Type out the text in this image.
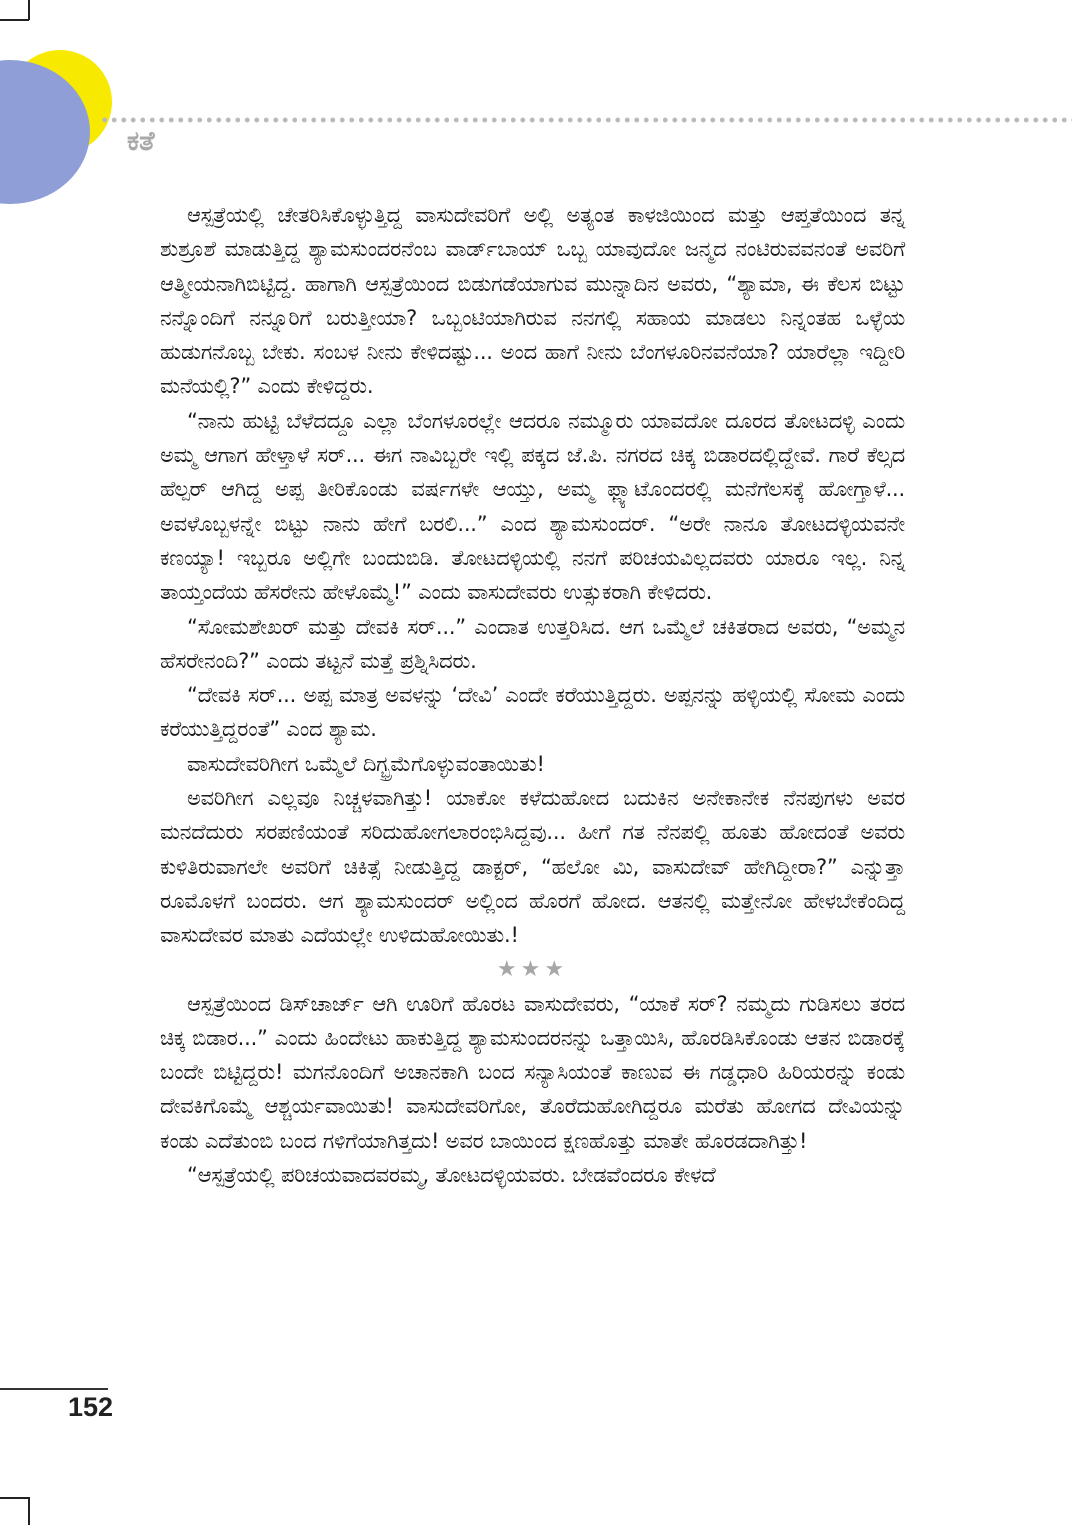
ಕತೆ

ಆಸ್ಪತ್ರೆಯಲ್ಲಿ ಚೇತರಿಸಿಕೊಳ್ಳುತ್ತಿದ್ದ ವಾಸುದೇವರಿಗೆ ಅಲ್ಲಿ ಅತ್ಯಂತ ಕಾಳಜಿಯಿಂದ ಮತ್ತು ಆಪ್ತತೆಯಿಂದ ತನ್ನ ಶುಶ್ರೂಶೆ ಮಾಡುತ್ತಿದ್ದ ಶ್ಯಾಮಸುಂದರನೆಂಬ ವಾರ್ಡ್‌ಬಾಯ್ ಒಬ್ಬ ಯಾವುದೋ ಜನ್ಮದ ನಂಟಿರುವವನಂತೆ ಅವರಿಗೆ ಆತ್ಮೀಯನಾಗಿಬಿಟ್ಟಿದ್ದ. ಹಾಗಾಗಿ ಆಸ್ಪತ್ರೆಯಿಂದ ಬಿಡುಗಡೆಯಾಗುವ ಮುನ್ನಾದಿನ ಅವರು, “ಶ್ಯಾಮಾ, ಈ ಕೆಲಸ ಬಿಟ್ಟು ನನ್ನೊಂದಿಗೆ ನನ್ನೂರಿಗೆ ಬರುತ್ತೀಯಾ? ಒಬ್ಬಂಟಿಯಾಗಿರುವ ನನಗಲ್ಲಿ ಸಹಾಯ ಮಾಡಲು ನಿನ್ನಂತಹ ಒಳ್ಳೆಯ ಹುಡುಗನೊಬ್ಬ ಬೇಕು. ಸಂಬಳ ನೀನು ಕೇಳಿದಷ್ಟು... ಅಂದ ಹಾಗೆ ನೀನು ಬೆಂಗಳೂರಿನವನೆಯಾ? ಯಾರೆಲ್ಲಾ ಇದ್ದೀರಿ ಮನೆಯಲ್ಲಿ?” ಎಂದು ಕೇಳಿದ್ದರು.

“ನಾನು ಹುಟ್ಟಿ ಬೆಳೆದದ್ದೂ ಎಲ್ಲಾ ಬೆಂಗಳೂರಲ್ಲೇ ಆದರೂ ನಮ್ಮೂರು ಯಾವದೋ ದೂರದ ತೋಟದಳ್ಳಿ ಎಂದು ಅಮ್ಮ ಆಗಾಗ ಹೇಳ್ತಾಳೆ ಸರ್... ಈಗ ನಾವಿಬ್ಬರೇ ಇಲ್ಲಿ ಪಕ್ಕದ ಜೆ.ಪಿ. ನಗರದ ಚಿಕ್ಕ ಬಿಡಾರದಲ್ಲಿದ್ದೇವೆ. ಗಾರೆ ಕೆಲ್ಸದ ಹೆಲ್ಪರ್ ಆಗಿದ್ದ ಅಪ್ಪ ತೀರಿಕೊಂಡು ವರ್ಷಗಳೇ ಆಯ್ತು, ಅಮ್ಮ ಫ್ಲ್ಯಾಟೊಂದರಲ್ಲಿ ಮನೆಗೆಲಸಕ್ಕೆ ಹೋಗ್ತಾಳೆ... ಅವಳೊಬ್ಬಳನ್ನೇ ಬಿಟ್ಟು ನಾನು ಹೇಗೆ ಬರಲಿ...” ಎಂದ ಶ್ಯಾಮಸುಂದರ್. “ಅರೇ ನಾನೂ ತೋಟದಳ್ಳಿಯವನೇ ಕಣಯ್ಯಾ! ಇಬ್ಬರೂ ಅಲ್ಲಿಗೇ ಬಂದುಬಿಡಿ. ತೋಟದಳ್ಳಿಯಲ್ಲಿ ನನಗೆ ಪರಿಚಯವಿಲ್ಲದವರು ಯಾರೂ ಇಲ್ಲ. ನಿನ್ನ ತಾಯ್ತಂದೆಯ ಹೆಸರೇನು ಹೇಳೊಮ್ಮೆ!” ಎಂದು ವಾಸುದೇವರು ಉತ್ಸುಕರಾಗಿ ಕೇಳಿದರು.

“ಸೋಮಶೇಖರ್ ಮತ್ತು ದೇವಕಿ ಸರ್...” ಎಂದಾತ ಉತ್ತರಿಸಿದ. ಆಗ ಒಮ್ಮೆಲೆ ಚಕಿತರಾದ ಅವರು, “ಅಮ್ಮನ ಹೆಸರೇನಂದಿ?” ಎಂದು ತಟ್ಟನೆ ಮತ್ತೆ ಪ್ರಶ್ನಿಸಿದರು.

“ದೇವಕಿ ಸರ್... ಅಪ್ಪ ಮಾತ್ರ ಅವಳನ್ನು ‘ದೇವಿ’ ಎಂದೇ ಕರೆಯುತ್ತಿದ್ದರು. ಅಪ್ಪನನ್ನು ಹಳ್ಳಿಯಲ್ಲಿ ಸೋಮ ಎಂದು ಕರೆಯುತ್ತಿದ್ದರಂತೆ” ಎಂದ ಶ್ಯಾಮ.

ವಾಸುದೇವರಿಗೀಗ ಒಮ್ಮೆಲೆ ದಿಗ್ಭ್ರಮೆಗೊಳ್ಳುವಂತಾಯಿತು!

ಅವರಿಗೀಗ ಎಲ್ಲವೂ ನಿಚ್ಚಳವಾಗಿತ್ತು! ಯಾಕೋ ಕಳೆದುಹೋದ ಬದುಕಿನ ಅನೇಕಾನೇಕ ನೆನಪುಗಳು ಅವರ ಮನದೆದುರು ಸರಪಣಿಯಂತೆ ಸರಿದುಹೋಗಲಾರಂಭಿಸಿದ್ದವು... ಹೀಗೆ ಗತ ನೆನಪಲ್ಲಿ ಹೂತು ಹೋದಂತೆ ಅವರು ಕುಳಿತಿರುವಾಗಲೇ ಅವರಿಗೆ ಚಿಕಿತ್ಸೆ ನೀಡುತ್ತಿದ್ದ ಡಾಕ್ಟರ್, “ಹಲೋ ಮಿ, ವಾಸುದೇವ್ ಹೇಗಿದ್ದೀರಾ?” ಎನ್ನುತ್ತಾ ರೂಮೊಳಗೆ ಬಂದರು. ಆಗ ಶ್ಯಾಮಸುಂದರ್ ಅಲ್ಲಿಂದ ಹೊರಗೆ ಹೋದ. ಆತನಲ್ಲಿ ಮತ್ತೇನೋ ಹೇಳಬೇಕೆಂದಿದ್ದ ವಾಸುದೇವರ ಮಾತು ಎದೆಯಲ್ಲೇ ಉಳಿದುಹೋಯಿತು.!

★★★

ಆಸ್ಪತ್ರೆಯಿಂದ ಡಿಸ್‌ಚಾರ್ಜ್ ಆಗಿ ಊರಿಗೆ ಹೊರಟ ವಾಸುದೇವರು, “ಯಾಕೆ ಸರ್? ನಮ್ಮದು ಗುಡಿಸಲು ತರದ ಚಿಕ್ಕ ಬಿಡಾರ...” ಎಂದು ಹಿಂದೇಟು ಹಾಕುತ್ತಿದ್ದ ಶ್ಯಾಮಸುಂದರನನ್ನು ಒತ್ತಾಯಿಸಿ, ಹೊರಡಿಸಿಕೊಂಡು ಆತನ ಬಿಡಾರಕ್ಕೆ ಬಂದೇ ಬಿಟ್ಟಿದ್ದರು! ಮಗನೊಂದಿಗೆ ಅಚಾನಕಾಗಿ ಬಂದ ಸನ್ಯಾಸಿಯಂತೆ ಕಾಣುವ ಈ ಗಡ್ಡಧಾರಿ ಹಿರಿಯರನ್ನು ಕಂಡು ದೇವಕಿಗೊಮ್ಮೆ ಆಶ್ಚರ್ಯವಾಯಿತು! ವಾಸುದೇವರಿಗೋ, ತೊರೆದುಹೋಗಿದ್ದರೂ ಮರೆತು ಹೋಗದ ದೇವಿಯನ್ನು ಕಂಡು ಎದೆತುಂಬಿ ಬಂದ ಗಳಿಗೆಯಾಗಿತ್ತದು! ಅವರ ಬಾಯಿಂದ ಕ್ಷಣಹೊತ್ತು ಮಾತೇ ಹೊರಡದಾಗಿತ್ತು!

“ಆಸ್ಪತ್ರೆಯಲ್ಲಿ ಪರಿಚಯವಾದವರಮ್ಮ, ತೋಟದಳ್ಳಿಯವರು. ಬೇಡವೆಂದರೂ ಕೇಳದೆ

152
